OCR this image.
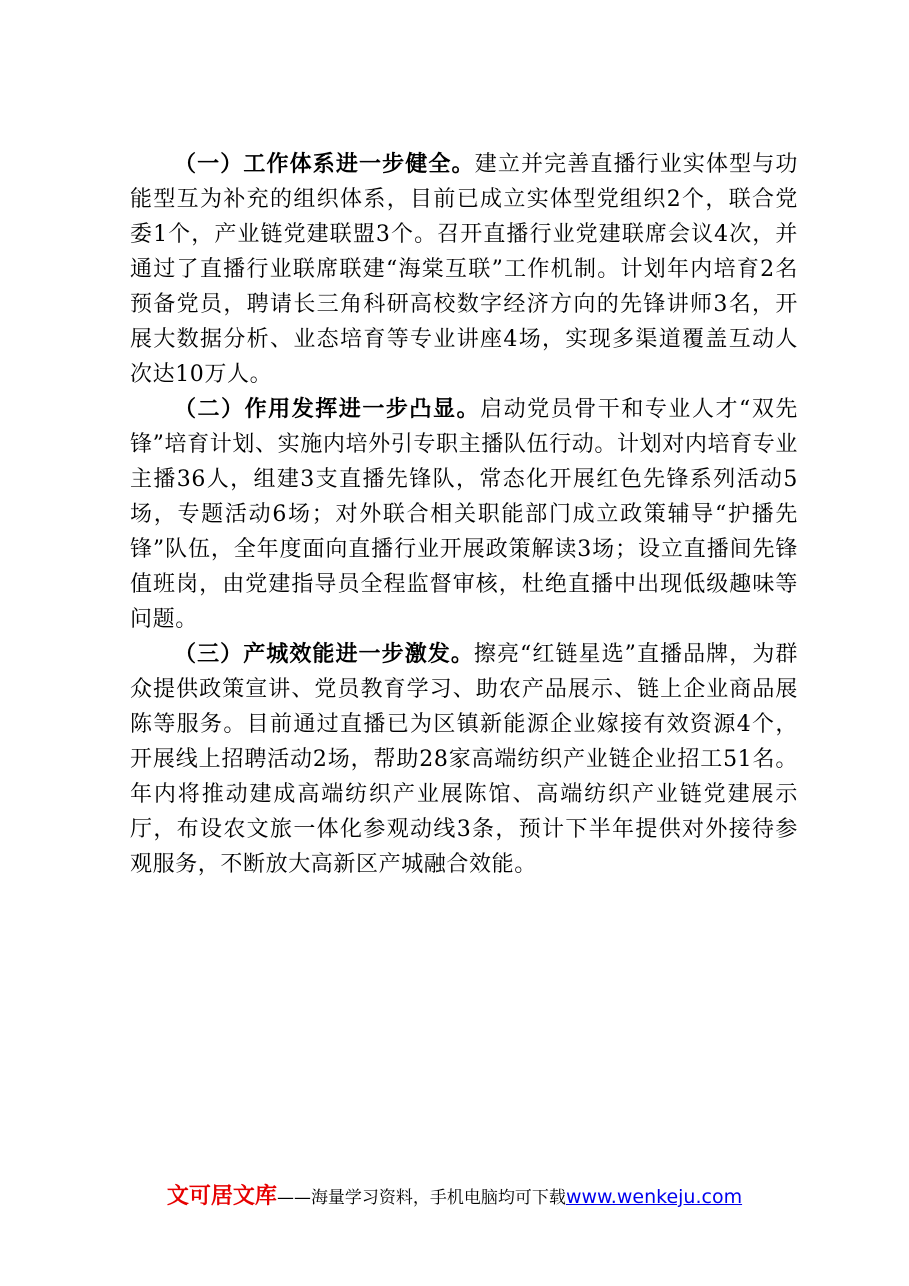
（一）工作体系进一步健全。建立并完善直播行业实体型与功能型互为补充的组织体系，目前已成立实体型党组织2个，联合党委1个，产业链党建联盟3个。召开直播行业党建联席会议4次，并通过了直播行业联席联建“海棠互联”工作机制。计划年内培育2名预备党员，聘请长三角科研高校数字经济方向的先锋讲师3名，开展大数据分析、业态培育等专业讲座4场，实现多渠道覆盖互动人次达10万人。

（二）作用发挥进一步凸显。启动党员骨干和专业人才“双先锋”培育计划、实施内培外引专职主播队伍行动。计划对内培育专业主播36人，组建3支直播先锋队，常态化开展红色先锋系列活动5场，专题活动6场；对外联合相关职能部门成立政策辅导“护播先锋”队伍，全年度面向直播行业开展政策解读3场；设立直播间先锋值班岗，由党建指导员全程监督审核，杜绝直播中出现低级趣味等问题。

（三）产城效能进一步激发。擦亮“红链星选”直播品牌，为群众提供政策宣讲、党员教育学习、助农产品展示、链上企业商品展陈等服务。目前通过直播已为区镇新能源企业嫁接有效资源4个，开展线上招聘活动2场，帮助28家高端纺织产业链企业招工51名。年内将推动建成高端纺织产业展陈馆、高端纺织产业链党建展示厅，布设农文旅一体化参观动线3条，预计下半年提供对外接待参观服务，不断放大高新区产城融合效能。

文可居文库——海量学习资料，手机电脑均可下载www.wenkeju.com
